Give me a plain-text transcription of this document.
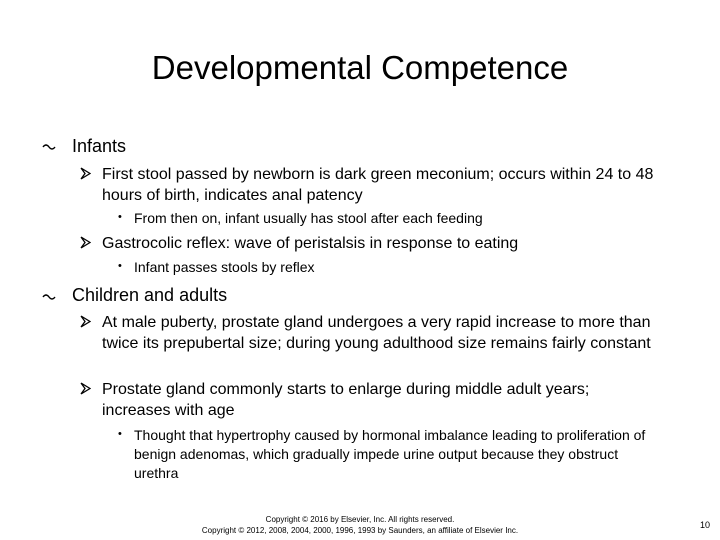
Developmental Competence
Infants
First stool passed by newborn is dark green meconium; occurs within 24 to 48 hours of birth, indicates anal patency
• From then on, infant usually has stool after each feeding
Gastrocolic reflex: wave of peristalsis in response to eating
• Infant passes stools by reflex
Children and adults
At male puberty, prostate gland undergoes a very rapid increase to more than twice its prepubertal size; during young adulthood size remains fairly constant
Prostate gland commonly starts to enlarge during middle adult years; increases with age
• Thought that hypertrophy caused by hormonal imbalance leading to proliferation of benign adenomas, which gradually impede urine output because they obstruct urethra
Copyright © 2016 by Elsevier, Inc. All rights reserved.
Copyright © 2012, 2008, 2004, 2000, 1996, 1993 by Saunders, an affiliate of Elsevier Inc.
10
